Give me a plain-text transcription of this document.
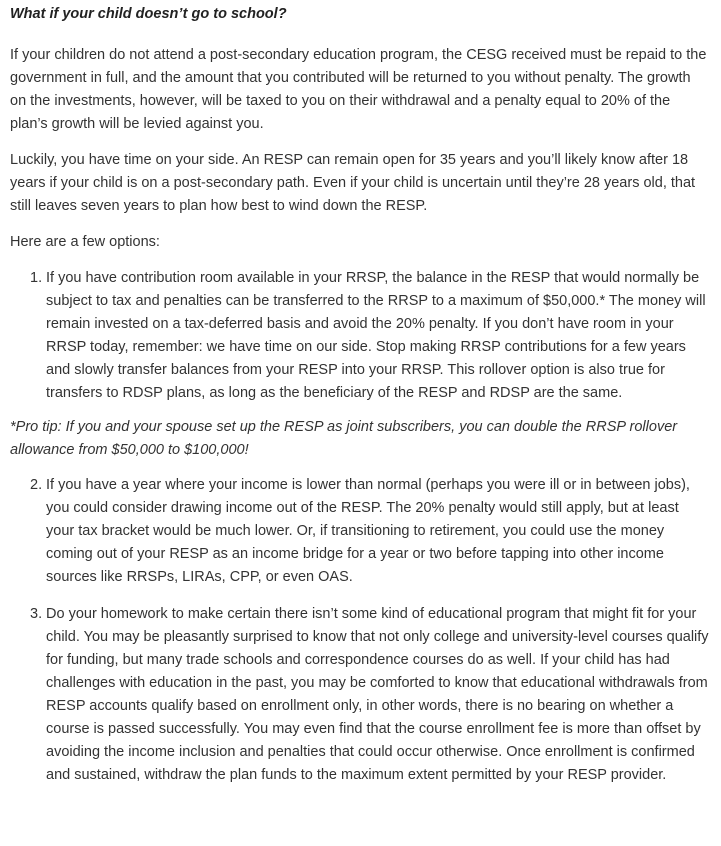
What if your child doesn’t go to school?

If your children do not attend a post-secondary education program, the CESG received must be repaid to the government in full, and the amount that you contributed will be returned to you without penalty. The growth on the investments, however, will be taxed to you on their withdrawal and a penalty equal to 20% of the plan’s growth will be levied against you.

Luckily, you have time on your side. An RESP can remain open for 35 years and you’ll likely know after 18 years if your child is on a post-secondary path. Even if your child is uncertain until they’re 28 years old, that still leaves seven years to plan how best to wind down the RESP.

Here are a few options:

1. If you have contribution room available in your RRSP, the balance in the RESP that would normally be subject to tax and penalties can be transferred to the RRSP to a maximum of $50,000.* The money will remain invested on a tax-deferred basis and avoid the 20% penalty. If you don’t have room in your RRSP today, remember: we have time on our side. Stop making RRSP contributions for a few years and slowly transfer balances from your RESP into your RRSP. This rollover option is also true for transfers to RDSP plans, as long as the beneficiary of the RESP and RDSP are the same.

*Pro tip: If you and your spouse set up the RESP as joint subscribers, you can double the RRSP rollover allowance from $50,000 to $100,000!

2. If you have a year where your income is lower than normal (perhaps you were ill or in between jobs), you could consider drawing income out of the RESP. The 20% penalty would still apply, but at least your tax bracket would be much lower. Or, if transitioning to retirement, you could use the money coming out of your RESP as an income bridge for a year or two before tapping into other income sources like RRSPs, LIRAs, CPP, or even OAS.
3. Do your homework to make certain there isn’t some kind of educational program that might fit for your child. You may be pleasantly surprised to know that not only college and university-level courses qualify for funding, but many trade schools and correspondence courses do as well. If your child has had challenges with education in the past, you may be comforted to know that educational withdrawals from RESP accounts qualify based on enrollment only, in other words, there is no bearing on whether a course is passed successfully. You may even find that the course enrollment fee is more than offset by avoiding the income inclusion and penalties that could occur otherwise. Once enrollment is confirmed and sustained, withdraw the plan funds to the maximum extent permitted by your RESP provider.
